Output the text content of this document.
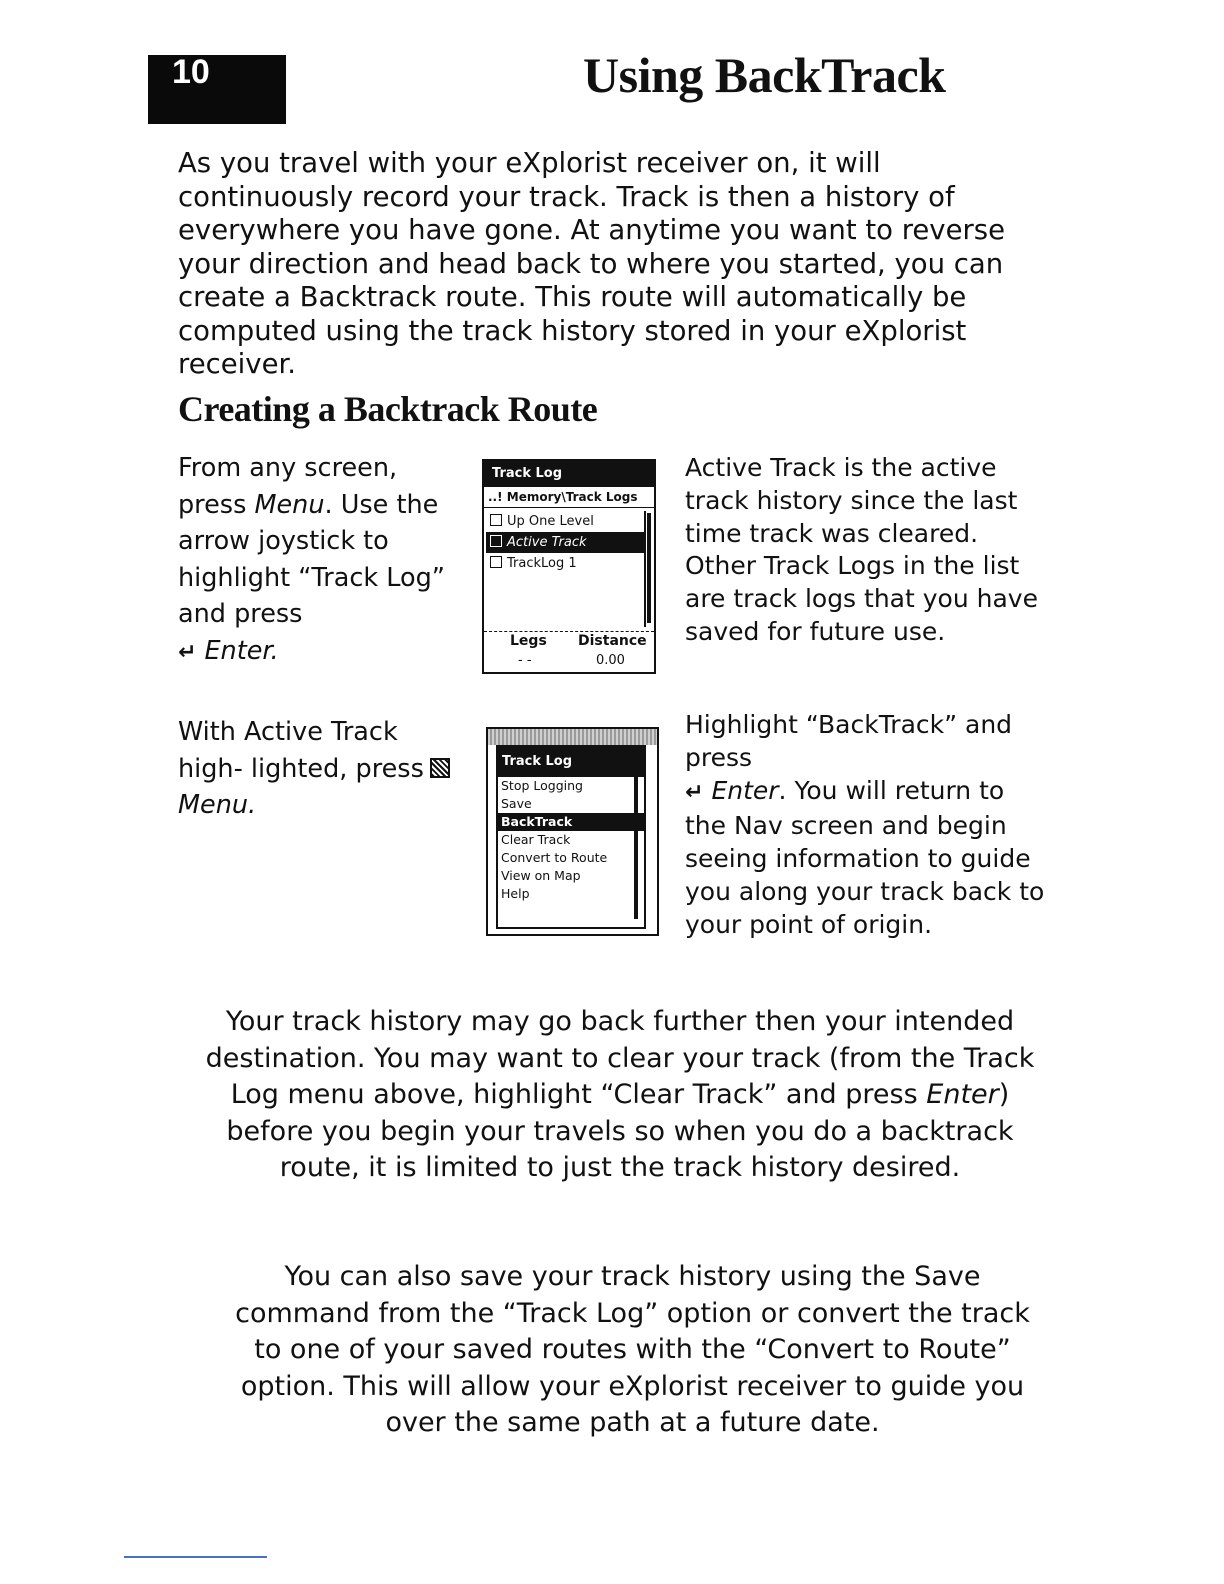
10	Using BackTrack

As you travel with your eXplorist receiver on, it will continuously record your track. Track is then a history of everywhere you have gone. At anytime you want to reverse your direction and head back to where you started, you can create a Backtrack route. This route will automatically be computed using the track history stored in your eXplorist receiver.

Creating a Backtrack Route

From any screen, press Menu. Use the arrow joystick to highlight “Track Log” and press
↵ Enter.

Track Log
..! Memory\Track Logs
Up One Level
Active Track
TrackLog 1
Legs Distance
- -	0.00

Active Track is the active track history since the last time track was cleared. Other Track Logs in the list are track logs that you have saved for future use.

With Active Track high- lighted, press
Menu.

Track Log
Stop Logging
Save
BackTrack
Clear Track
Convert to Route
View on Map
Help

Highlight “BackTrack” and press
↵ Enter. You will return to the Nav screen and begin seeing information to guide you along your track back to your point of origin.

Your track history may go back further then your intended destination. You may want to clear your track (from the Track Log menu above, highlight “Clear Track” and press Enter) before you begin your travels so when you do a backtrack route, it is limited to just the track history desired.

You can also save your track history using the Save command from the “Track Log” option or convert the track to one of your saved routes with the “Convert to Route” option. This will allow your eXplorist receiver to guide you over the same path at a future date.
